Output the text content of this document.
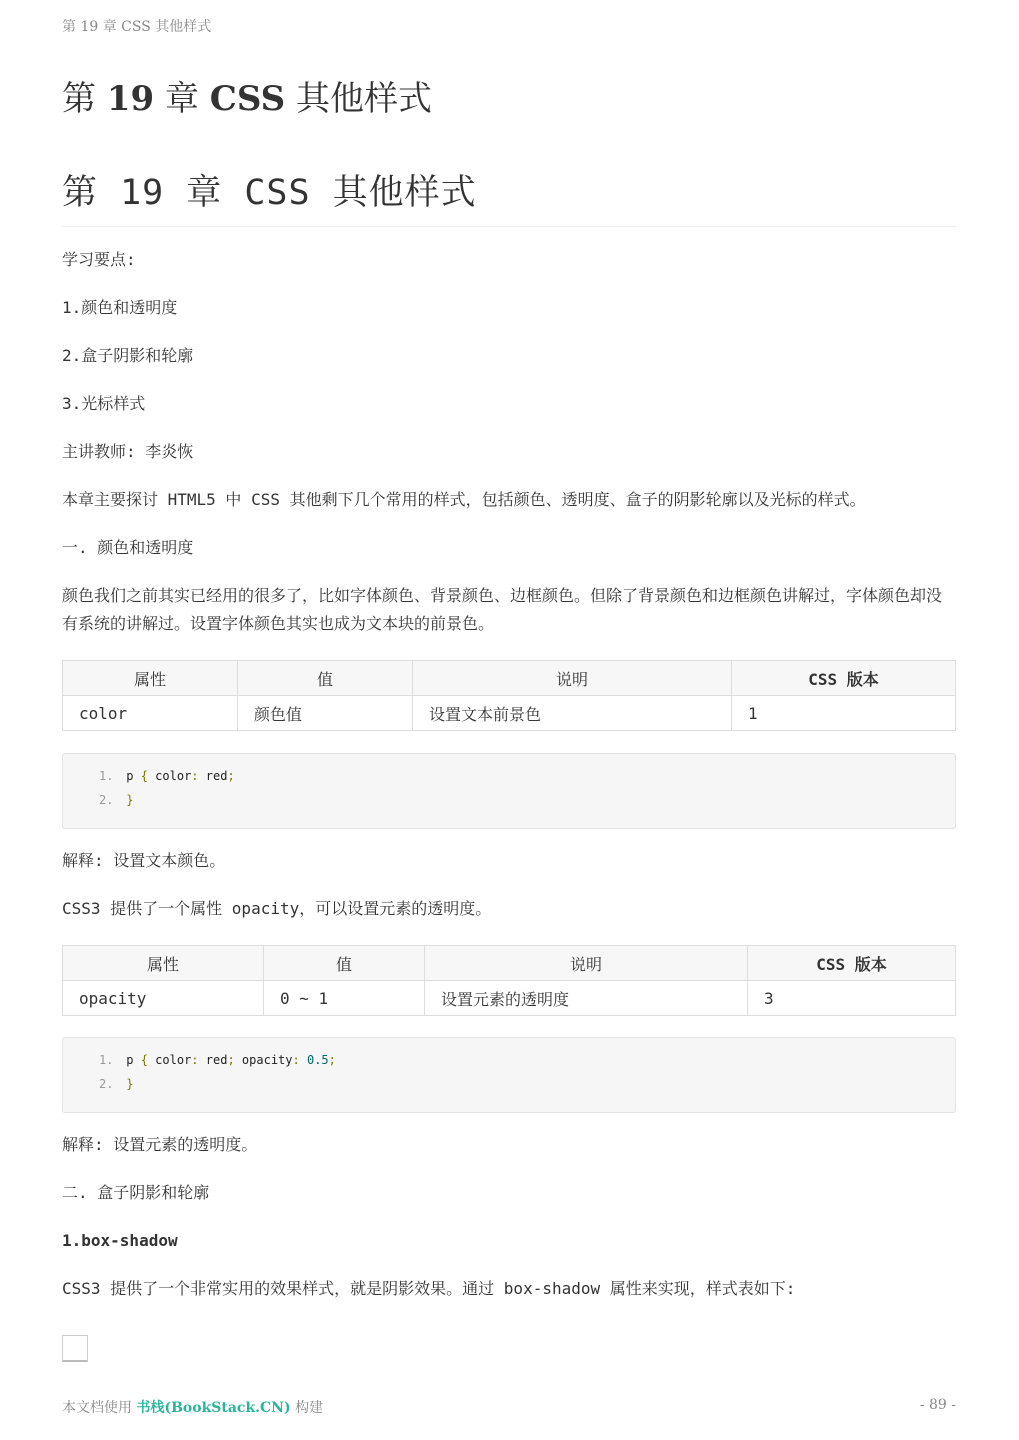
第 19 章 CSS 其他样式
第 19 章 CSS 其他样式
第 19 章 CSS 其他样式

学习要点:

1.颜色和透明度

2.盒子阴影和轮廓

3.光标样式

主讲教师: 李炎恢

本章主要探讨 HTML5 中 CSS 其他剩下几个常用的样式，包括颜色、透明度、盒子的阴影轮廓以及光标的样式。

一. 颜色和透明度

颜色我们之前其实已经用的很多了，比如字体颜色、背景颜色、边框颜色。但除了背景颜色和边框颜色讲解过，字体颜色却没有系统的讲解过。设置字体颜色其实也成为文本块的前景色。

属性	值	说明	CSS 版本
color	颜色值	设置文本前景色	1
1. p { color: red;
2. }

解释: 设置文本颜色。

CSS3 提供了一个属性 opacity，可以设置元素的透明度。

属性	值	说明	CSS 版本
opacity	0 ~ 1	设置元素的透明度	3
1. p { color: red; opacity: 0.5;
2. }

解释: 设置元素的透明度。

二. 盒子阴影和轮廓

1.box-shadow

CSS3 提供了一个非常实用的效果样式，就是阴影效果。通过 box-shadow 属性来实现，样式表如下:

本文档使用 书栈(BookStack.CN) 构建	- 89 -
